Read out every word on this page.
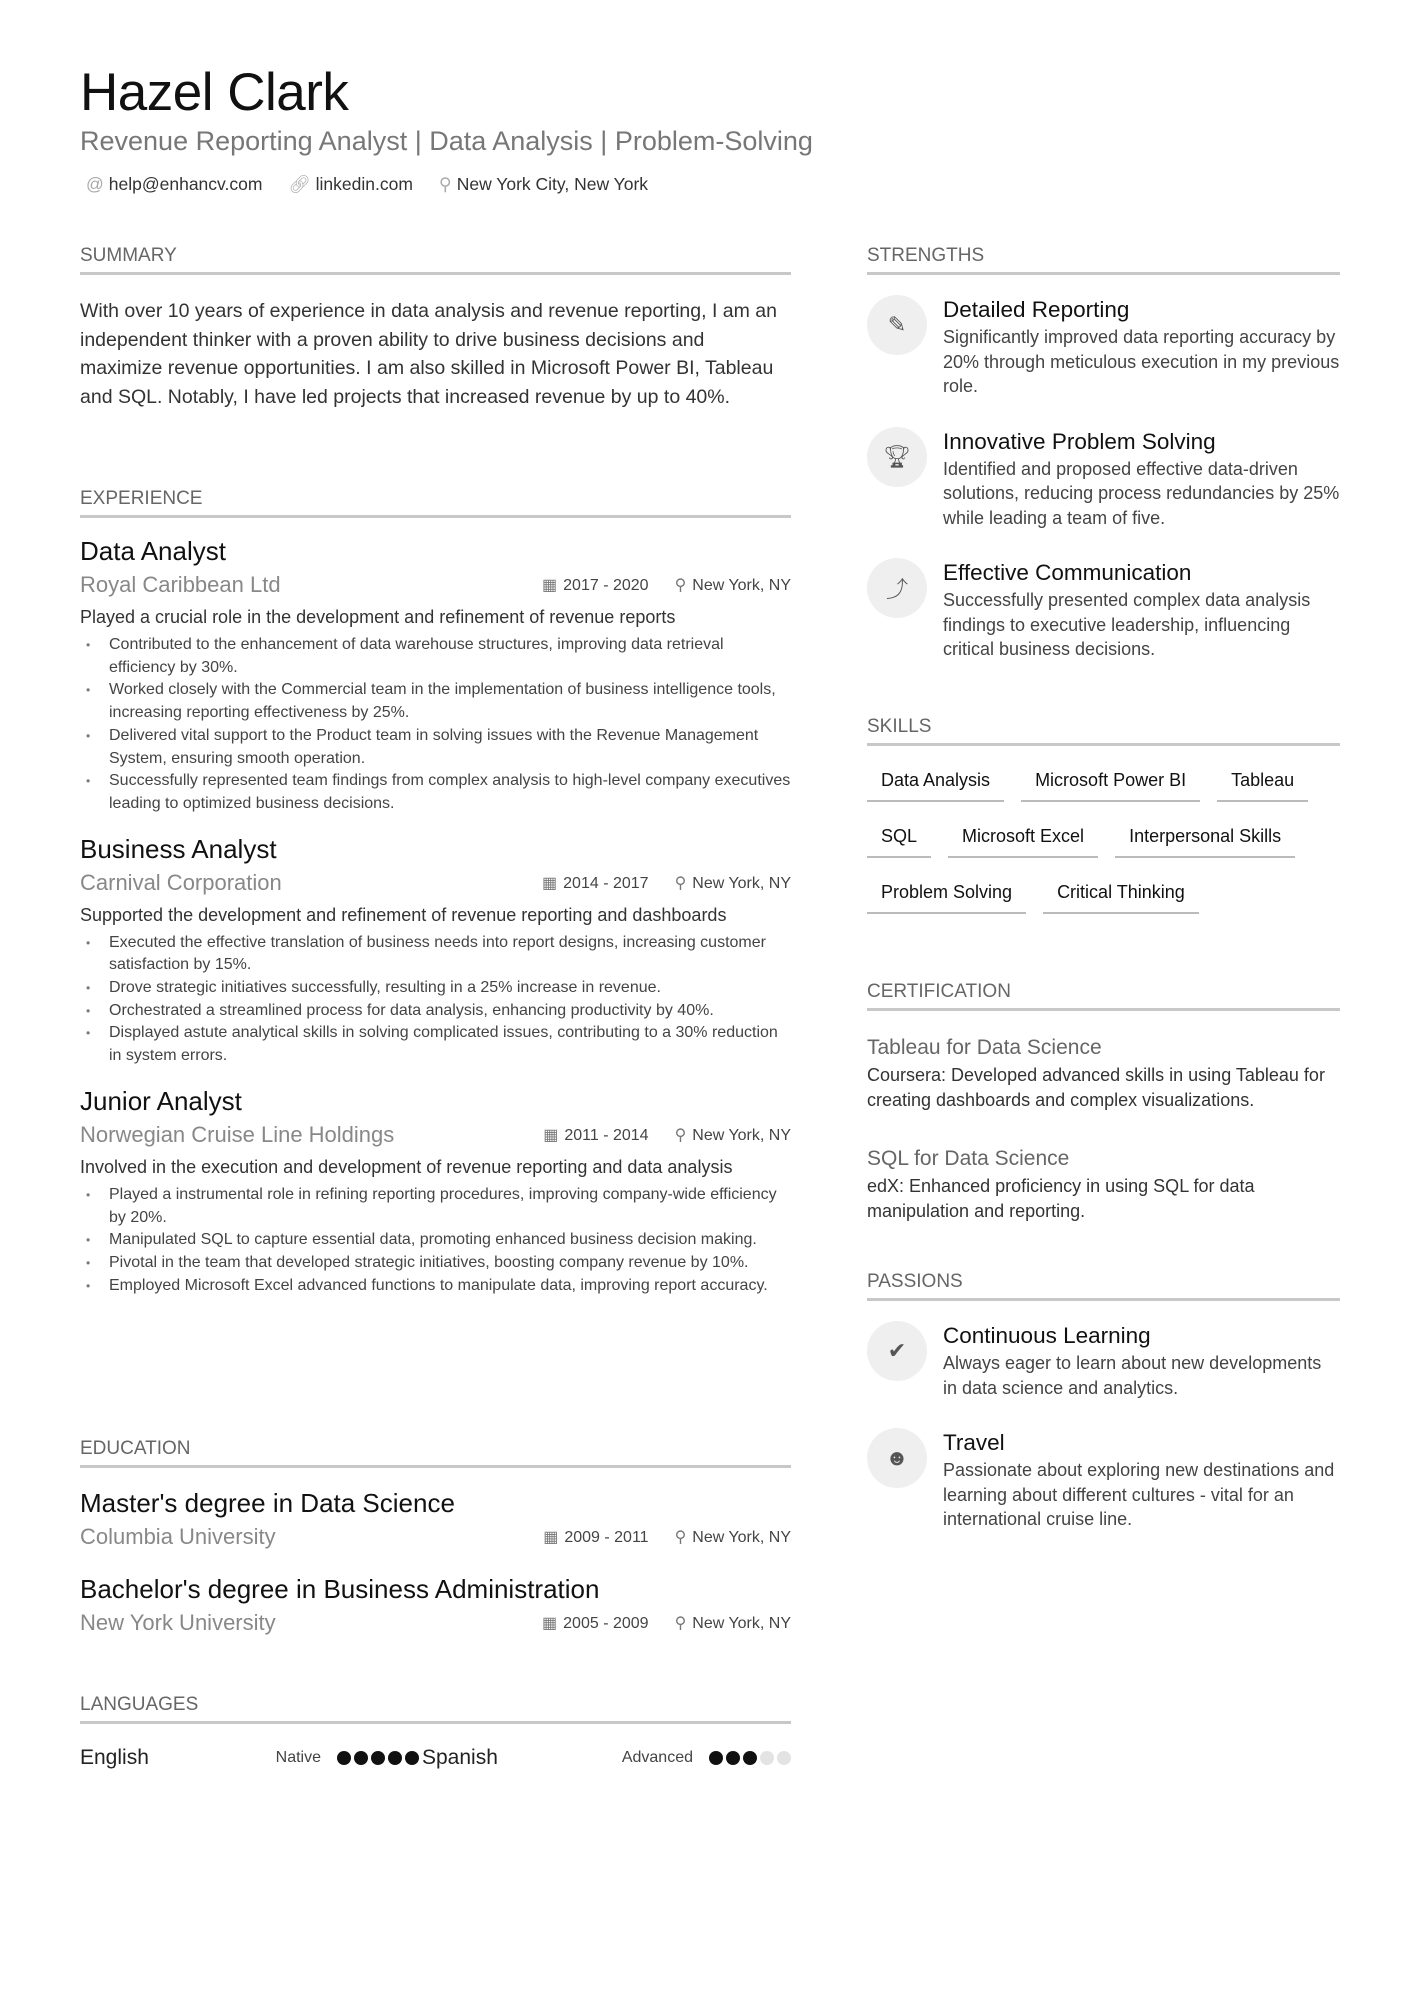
Hazel Clark
Revenue Reporting Analyst | Data Analysis | Problem-Solving
@ help@enhancv.com 🔗︎ linkedin.com ⚲ New York City, New York
SUMMARY
With over 10 years of experience in data analysis and revenue reporting, I am an independent thinker with a proven ability to drive business decisions and maximize revenue opportunities. I am also skilled in Microsoft Power BI, Tableau and SQL. Notably, I have led projects that increased revenue by up to 40%.
EXPERIENCE
Data Analyst
Royal Caribbean Ltd	▦ 2017 - 2020 ⚲ New York, NY
Played a crucial role in the development and refinement of revenue reports
• Contributed to the enhancement of data warehouse structures, improving data retrieval efficiency by 30%.
• Worked closely with the Commercial team in the implementation of business intelligence tools, increasing reporting effectiveness by 25%.
• Delivered vital support to the Product team in solving issues with the Revenue Management System, ensuring smooth operation.
• Successfully represented team findings from complex analysis to high-level company executives leading to optimized business decisions.
Business Analyst
Carnival Corporation	▦ 2014 - 2017 ⚲ New York, NY
Supported the development and refinement of revenue reporting and dashboards
• Executed the effective translation of business needs into report designs, increasing customer satisfaction by 15%.
• Drove strategic initiatives successfully, resulting in a 25% increase in revenue.
• Orchestrated a streamlined process for data analysis, enhancing productivity by 40%.
• Displayed astute analytical skills in solving complicated issues, contributing to a 30% reduction in system errors.
Junior Analyst
Norwegian Cruise Line Holdings	▦ 2011 - 2014 ⚲ New York, NY
Involved in the execution and development of revenue reporting and data analysis
• Played a instrumental role in refining reporting procedures, improving company-wide efficiency by 20%.
• Manipulated SQL to capture essential data, promoting enhanced business decision making.
• Pivotal in the team that developed strategic initiatives, boosting company revenue by 10%.
• Employed Microsoft Excel advanced functions to manipulate data, improving report accuracy.
EDUCATION
Master's degree in Data Science
Columbia University	▦ 2009 - 2011 ⚲ New York, NY
Bachelor's degree in Business Administration
New York University	▦ 2005 - 2009 ⚲ New York, NY
LANGUAGES
English	Native	Spanish	Advanced
STRENGTHS
✎
Detailed Reporting
Significantly improved data reporting accuracy by 20% through meticulous execution in my previous role.
🏆︎
Innovative Problem Solving
Identified and proposed effective data-driven solutions, reducing process redundancies by 25% while leading a team of five.
⤴
Effective Communication
Successfully presented complex data analysis findings to executive leadership, influencing critical business decisions.
SKILLS
Data Analysis	Microsoft Power BI	Tableau
SQL	Microsoft Excel	Interpersonal Skills
Problem Solving	Critical Thinking
CERTIFICATION
Tableau for Data Science
Coursera: Developed advanced skills in using Tableau for creating dashboards and complex visualizations.
SQL for Data Science
edX: Enhanced proficiency in using SQL for data manipulation and reporting.
PASSIONS
✔
Continuous Learning
Always eager to learn about new developments in data science and analytics.
☻
Travel
Passionate about exploring new destinations and learning about different cultures - vital for an international cruise line.
